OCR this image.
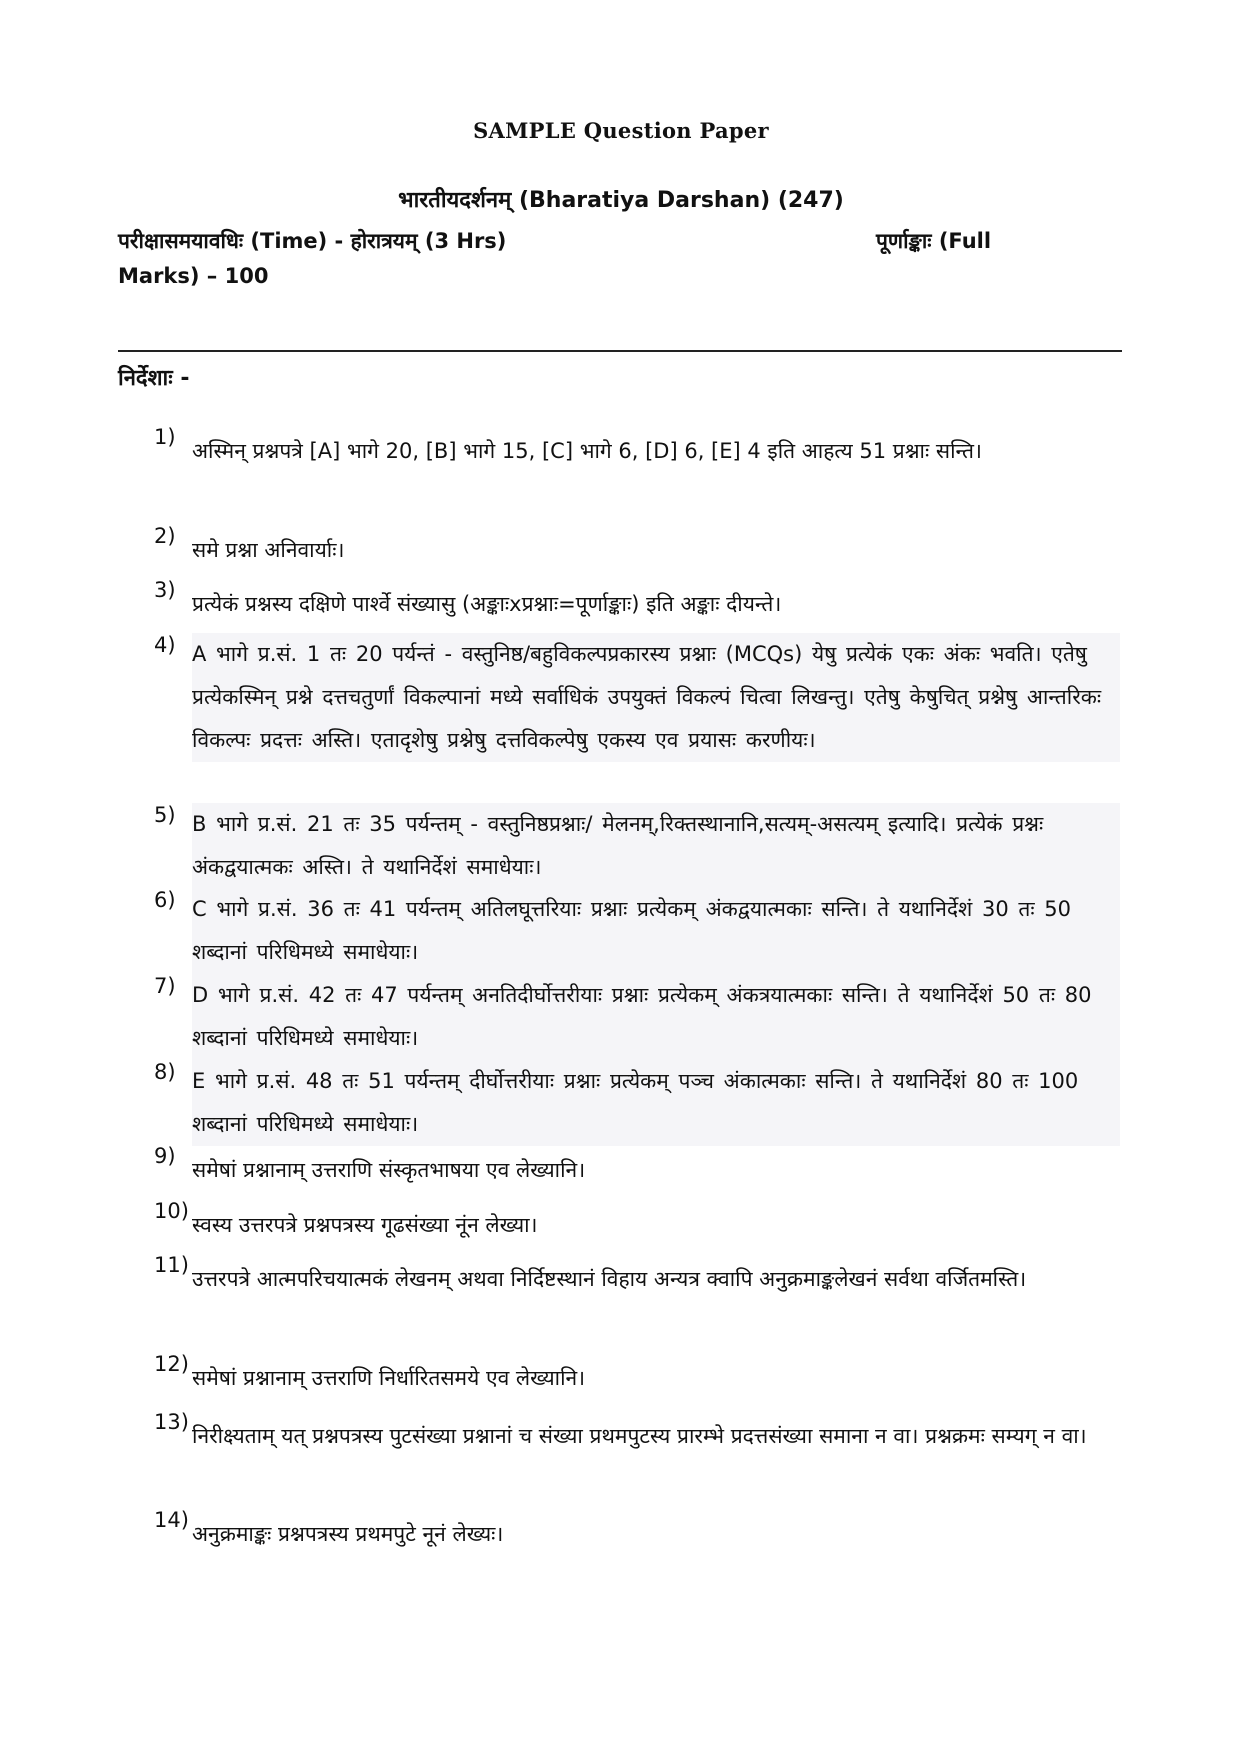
SAMPLE Question Paper
भारतीयदर्शनम् (Bharatiya Darshan) (247)
परीक्षासमयावधिः (Time) - होरात्रयम् (3 Hrs)	पूर्णाङ्काः (Full
Marks) – 100
निर्देशाः -
1)
अस्मिन् प्रश्नपत्रे [A] भागे 20, [B] भागे 15, [C] भागे 6, [D] 6, [E] 4 इति आहत्य 51 प्रश्नाः सन्ति।
2)
समे प्रश्ना अनिवार्याः।
3)
प्रत्येकं प्रश्नस्य दक्षिणे पार्श्वे संख्यासु (अङ्काःxप्रश्नाः=पूर्णाङ्काः) इति अङ्काः दीयन्ते।
4) A भागे प्र.सं. 1 तः 20 पर्यन्तं - वस्तुनिष्ठ/बहुविकल्पप्रकारस्य प्रश्नाः (MCQs) येषु प्रत्येकं एकः अंकः भवति। एतेषु प्रत्येकस्मिन् प्रश्ने दत्तचतुर्णां विकल्पानां मध्ये सर्वाधिकं उपयुक्तं विकल्पं चित्वा लिखन्तु। एतेषु केषुचित् प्रश्नेषु आन्तरिकः विकल्पः प्रदत्तः अस्ति। एतादृशेषु प्रश्नेषु दत्तविकल्पेषु एकस्य एव प्रयासः करणीयः।
5) B भागे प्र.सं. 21 तः 35 पर्यन्तम् - वस्तुनिष्ठप्रश्नाः/ मेलनम्,रिक्तस्थानानि,सत्यम्-असत्यम् इत्यादि। प्रत्येकं प्रश्नः अंकद्वयात्मकः अस्ति। ते यथानिर्देशं समाधेयाः।
6) C भागे प्र.सं. 36 तः 41 पर्यन्तम् अतिलघूत्तरियाः प्रश्नाः प्रत्येकम् अंकद्वयात्मकाः सन्ति। ते यथानिर्देशं 30 तः 50 शब्दानां परिधिमध्ये समाधेयाः।
7) D भागे प्र.सं. 42 तः 47 पर्यन्तम् अनतिदीर्घोत्तरीयाः प्रश्नाः प्रत्येकम् अंकत्रयात्मकाः सन्ति। ते यथानिर्देशं 50 तः 80 शब्दानां परिधिमध्ये समाधेयाः।
8) E भागे प्र.सं. 48 तः 51 पर्यन्तम् दीर्घोत्तरीयाः प्रश्नाः प्रत्येकम् पञ्च अंकात्मकाः सन्ति। ते यथानिर्देशं 80 तः 100 शब्दानां परिधिमध्ये समाधेयाः।
9)
समेषां प्रश्नानाम् उत्तराणि संस्कृतभाषया एव लेख्यानि।
10)
स्वस्य उत्तरपत्रे प्रश्नपत्रस्य गूढसंख्या नूंन लेख्या।
11)
उत्तरपत्रे आत्मपरिचयात्मकं लेखनम् अथवा निर्दिष्टस्थानं विहाय अन्यत्र क्वापि अनुक्रमाङ्कलेखनं सर्वथा वर्जितमस्ति।
12)
समेषां प्रश्नानाम् उत्तराणि निर्धारितसमये एव लेख्यानि।
13)
निरीक्ष्यताम् यत् प्रश्नपत्रस्य पुटसंख्या प्रश्नानां च संख्या प्रथमपुटस्य प्रारम्भे प्रदत्तसंख्या समाना न वा। प्रश्नक्रमः सम्यग् न वा।
14)
अनुक्रमाङ्कः प्रश्नपत्रस्य प्रथमपुटे नूनं लेख्यः।
